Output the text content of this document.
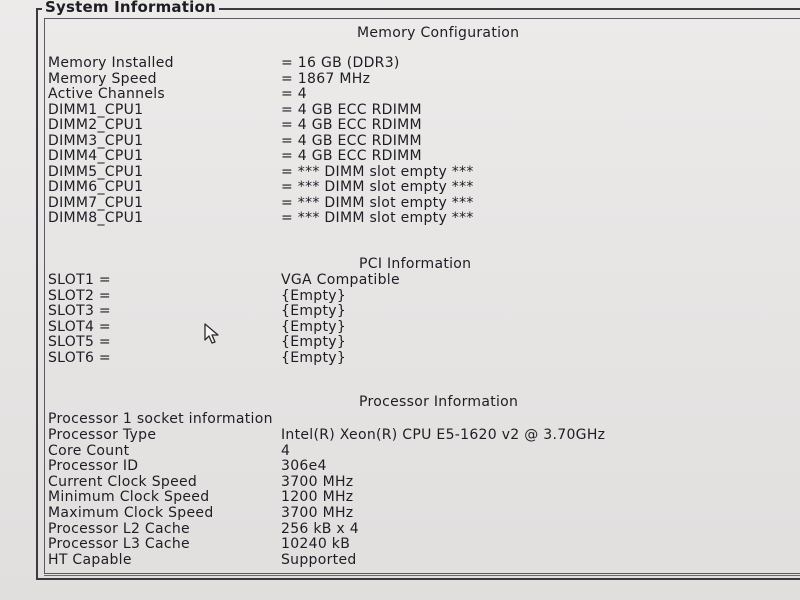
System Information
Memory Configuration
Memory Installed	= 16 GB (DDR3)
Memory Speed	= 1867 MHz
Active Channels	= 4
DIMM1_CPU1	= 4 GB ECC RDIMM
DIMM2_CPU1	= 4 GB ECC RDIMM
DIMM3_CPU1	= 4 GB ECC RDIMM
DIMM4_CPU1	= 4 GB ECC RDIMM
DIMM5_CPU1	= *** DIMM slot empty ***
DIMM6_CPU1	= *** DIMM slot empty ***
DIMM7_CPU1	= *** DIMM slot empty ***
DIMM8_CPU1	= *** DIMM slot empty ***
PCI Information
SLOT1 =	VGA Compatible
SLOT2 =	{Empty}
SLOT3 =	{Empty}
SLOT4 =	{Empty}
SLOT5 =	{Empty}
SLOT6 =	{Empty}
Processor Information
Processor 1 socket information
Processor Type	Intel(R) Xeon(R) CPU E5-1620 v2 @ 3.70GHz
Core Count	4
Processor ID	306e4
Current Clock Speed	3700 MHz
Minimum Clock Speed	1200 MHz
Maximum Clock Speed	3700 MHz
Processor L2 Cache	256 kB x 4
Processor L3 Cache	10240 kB
HT Capable	Supported
